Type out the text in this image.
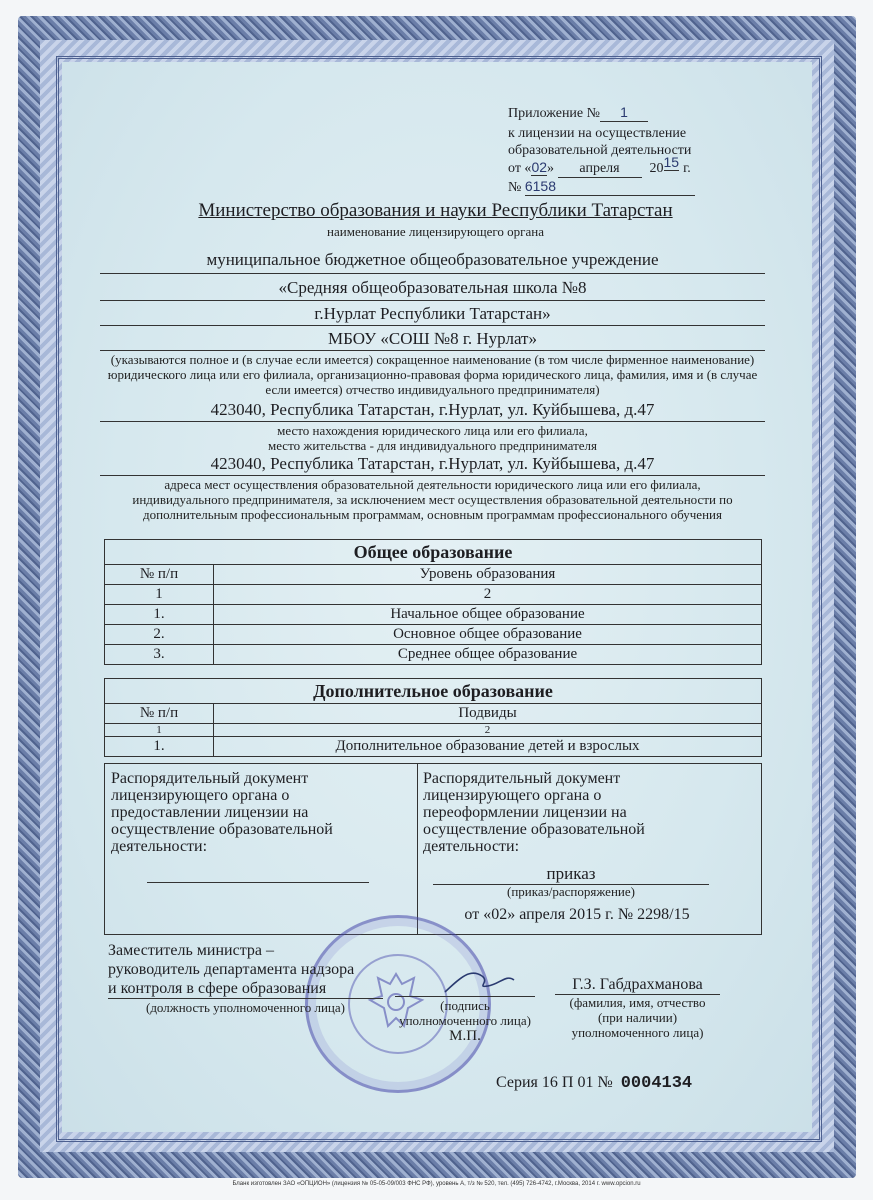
Приложение № 1
к лицензии на осуществление
образовательной деятельности
от «02» апреля 2015 г.
№ 6158
Министерство образования и науки Республики Татарстан
наименование лицензирующего органа
муниципальное бюджетное общеобразовательное учреждение
«Средняя общеобразовательная школа №8
г.Нурлат Республики Татарстан»
МБОУ «СОШ №8 г. Нурлат»
(указываются полное и (в случае если имеется) сокращенное наименование (в том числе фирменное наименование) юридического лица или его филиала, организационно-правовая форма юридического лица, фамилия, имя и (в случае если имеется) отчество индивидуального предпринимателя)
423040, Республика Татарстан, г.Нурлат, ул. Куйбышева, д.47
место нахождения юридического лица или его филиала,
место жительства - для индивидуального предпринимателя
423040, Республика Татарстан, г.Нурлат, ул. Куйбышева, д.47
адреса мест осуществления образовательной деятельности юридического лица или его филиала, индивидуального предпринимателя, за исключением мест осуществления образовательной деятельности по дополнительным профессиональным программам, основным программам профессионального обучения
Общее образование	
№ п/п	Уровень образования
1	2
1.	Начальное общее образование
2.	Основное общее образование
3.	Среднее общее образование
Дополнительное образование	
№ п/п	Подвиды
1	2
1.	Дополнительное образование детей и взрослых
Распорядительный документ лицензирующего органа о предоставлении лицензии на осуществление образовательной деятельности:
Распорядительный документ лицензирующего органа о переоформлении лицензии на осуществление образовательной деятельности:
приказ
(приказ/распоряжение)
от «02» апреля 2015 г. № 2298/15
Заместитель министра –
руководитель департамента надзора
и контроля в сфере образования
(должность уполномоченного лица)	(подпись
уполномоченного лица)
М.П.
Г.З. Габдрахманова
(фамилия, имя, отчество
(при наличии)
уполномоченного лица)
Серия 16 П 01 № 0004134
Бланк изготовлен ЗАО «ОПЦИОН» (лицензия № 05-05-09/003 ФНС РФ), уровень А, т/з № 520, тел. (495) 726-4742, г.Москва, 2014 г. www.opcion.ru
